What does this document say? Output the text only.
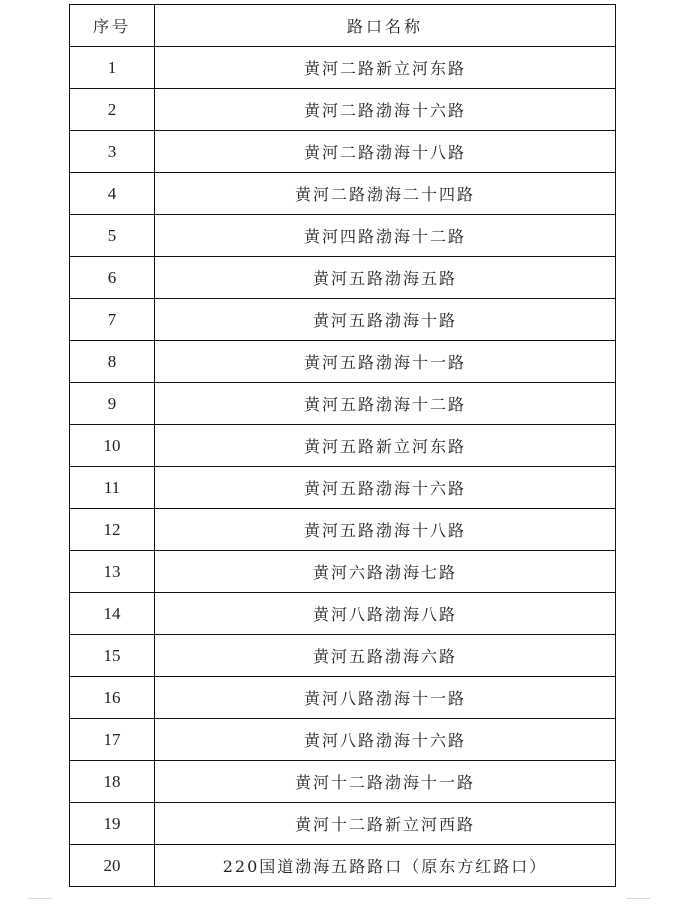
序号	路口名称
1	黄河二路新立河东路
2	黄河二路渤海十六路
3	黄河二路渤海十八路
4	黄河二路渤海二十四路
5	黄河四路渤海十二路
6	黄河五路渤海五路
7	黄河五路渤海十路
8	黄河五路渤海十一路
9	黄河五路渤海十二路
10	黄河五路新立河东路
11	黄河五路渤海十六路
12	黄河五路渤海十八路
13	黄河六路渤海七路
14	黄河八路渤海八路
15	黄河五路渤海六路
16	黄河八路渤海十一路
17	黄河八路渤海十六路
18	黄河十二路渤海十一路
19	黄河十二路新立河西路
20	220国道渤海五路路口（原东方红路口）
